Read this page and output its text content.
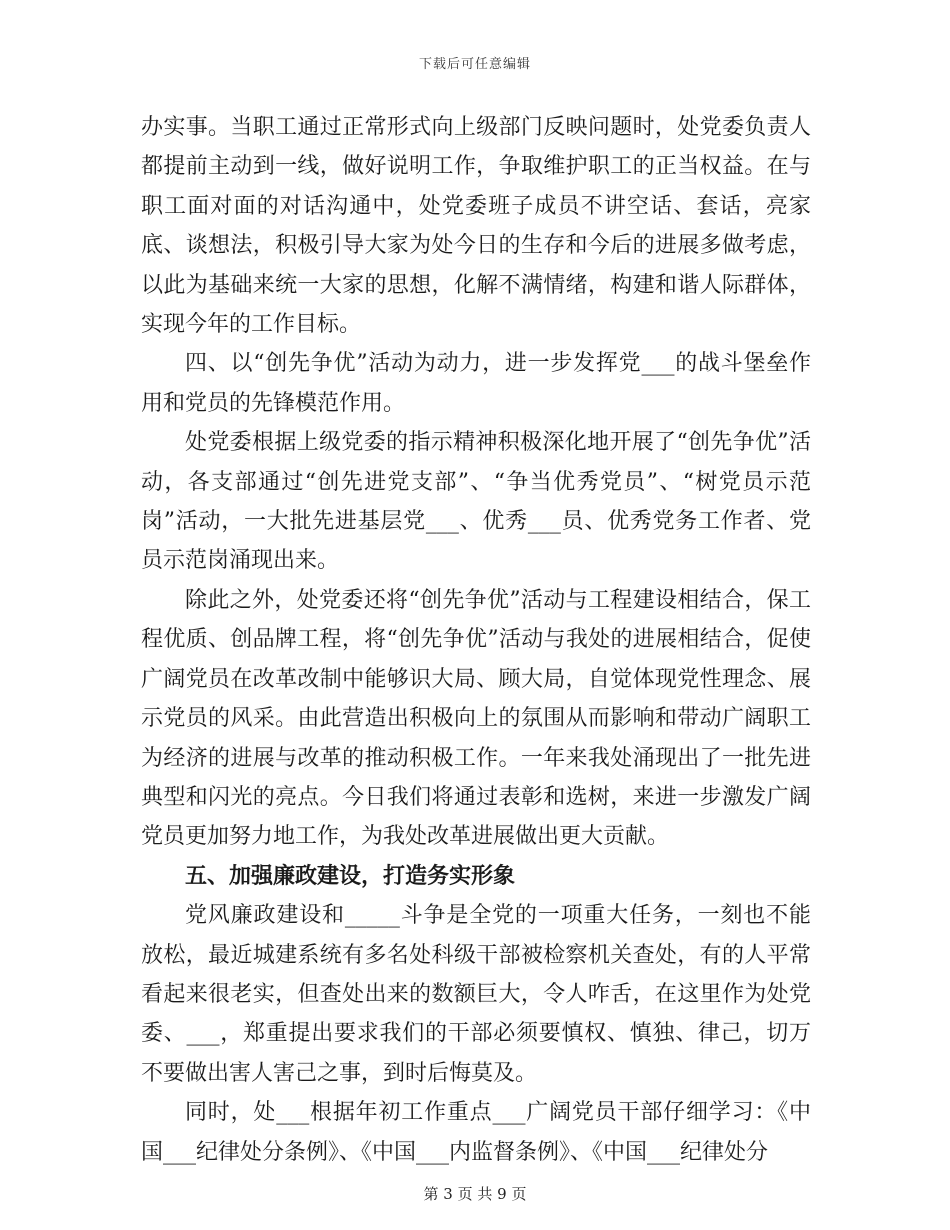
下载后可任意编辑

办实事。当职工通过正常形式向上级部门反映问题时，处党委负责人都提前主动到一线，做好说明工作，争取维护职工的正当权益。在与职工面对面的对话沟通中，处党委班子成员不讲空话、套话，亮家底、谈想法，积极引导大家为处今日的生存和今后的进展多做考虑，以此为基础来统一大家的思想，化解不满情绪，构建和谐人际群体，实现今年的工作目标。

四、以“创先争优”活动为动力，进一步发挥党___的战斗堡垒作用和党员的先锋模范作用。

处党委根据上级党委的指示精神积极深化地开展了“创先争优”活动，各支部通过“创先进党支部”、“争当优秀党员”、“树党员示范岗”活动，一大批先进基层党___、优秀___员、优秀党务工作者、党员示范岗涌现出来。

除此之外，处党委还将“创先争优”活动与工程建设相结合，保工程优质、创品牌工程，将“创先争优”活动与我处的进展相结合，促使广阔党员在改革改制中能够识大局、顾大局，自觉体现党性理念、展示党员的风采。由此营造出积极向上的氛围从而影响和带动广阔职工为经济的进展与改革的推动积极工作。一年来我处涌现出了一批先进典型和闪光的亮点。今日我们将通过表彰和选树，来进一步激发广阔党员更加努力地工作，为我处改革进展做出更大贡献。

五、加强廉政建设，打造务实形象

党风廉政建设和_____斗争是全党的一项重大任务，一刻也不能放松，最近城建系统有多名处科级干部被检察机关查处，有的人平常看起来很老实，但查处出来的数额巨大，令人咋舌，在这里作为处党委、___，郑重提出要求我们的干部必须要慎权、慎独、律己，切万不要做出害人害己之事，到时后悔莫及。

同时，处___根据年初工作重点___广阔党员干部仔细学习：《中国___纪律处分条例》、《中国___内监督条例》、《中国___纪律处分

第 3 页 共 9 页
